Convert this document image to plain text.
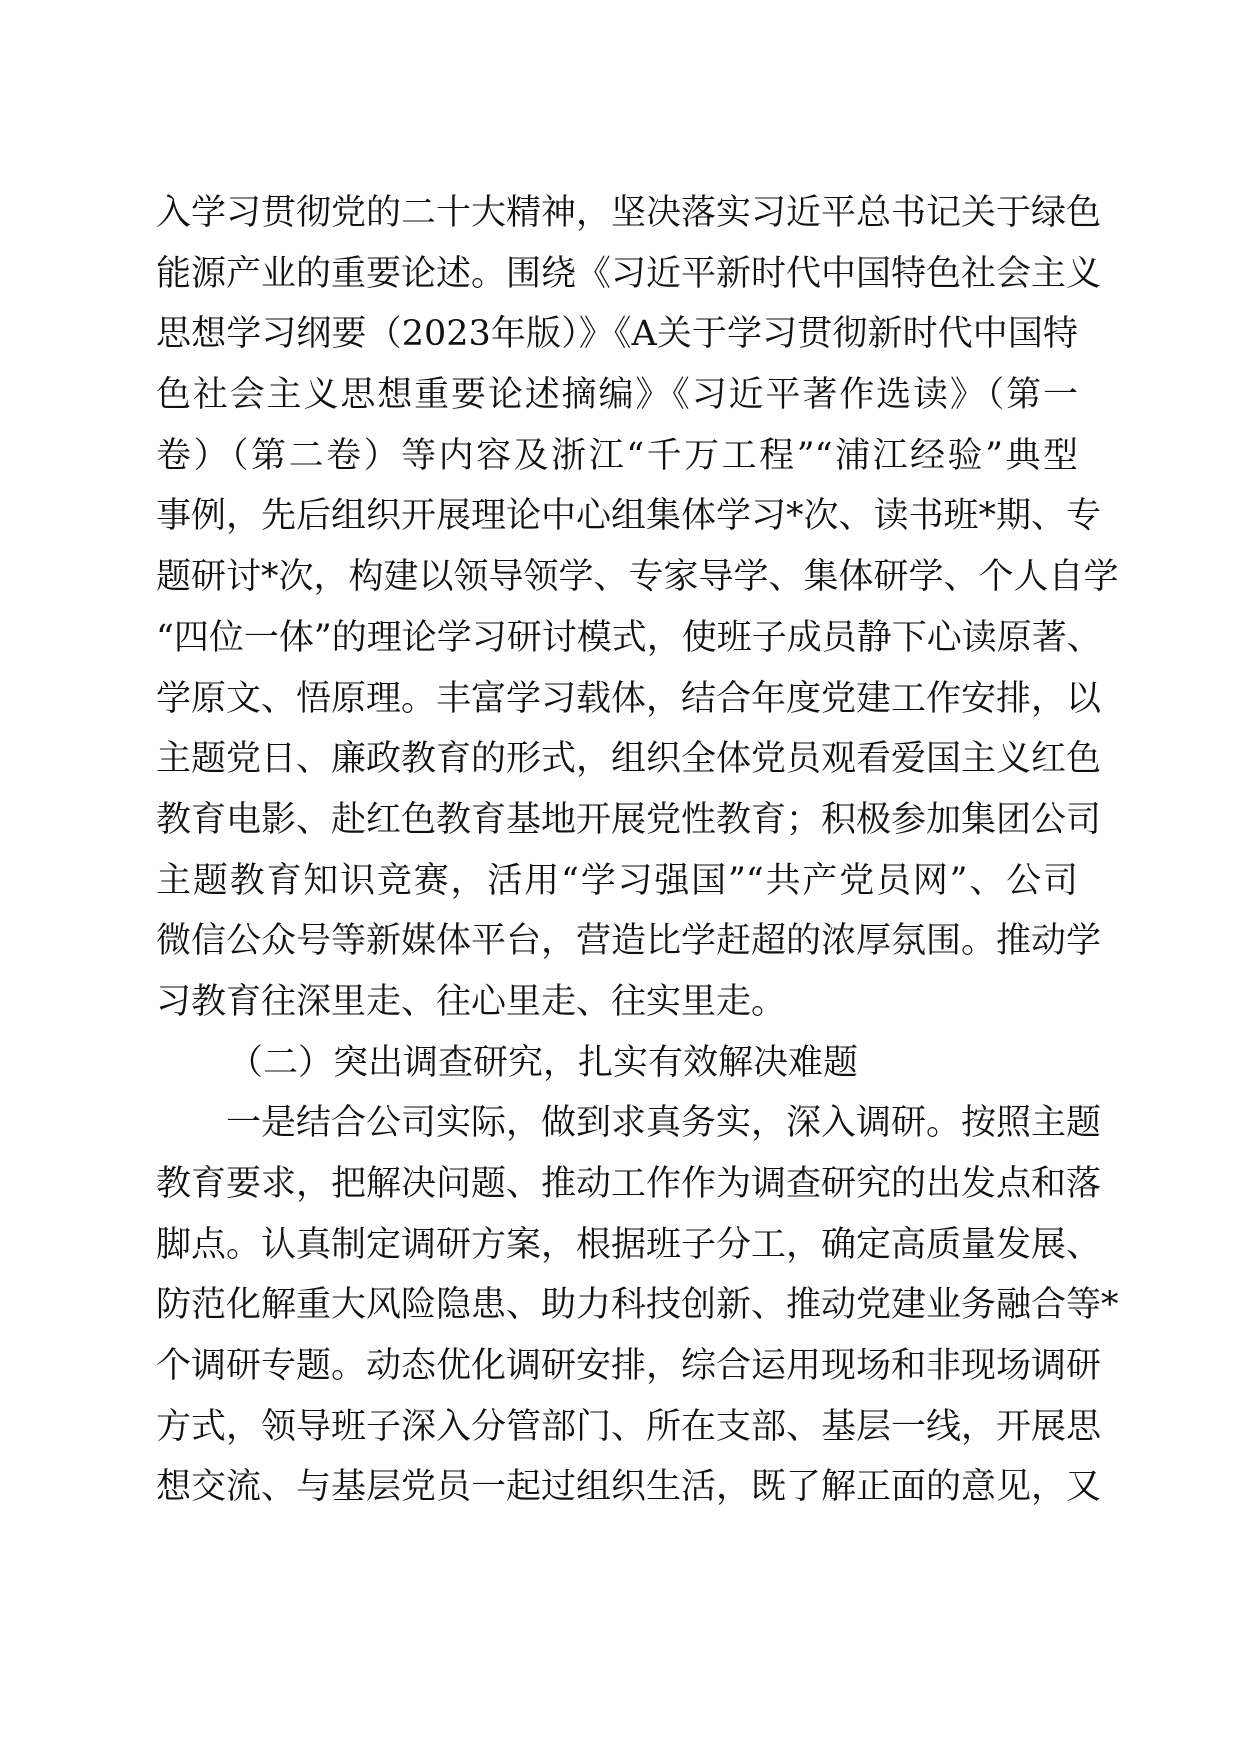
入学习贯彻党的二十大精神，坚决落实习近平总书记关于绿色
能源产业的重要论述。围绕《习近平新时代中国特色社会主义
思想学习纲要（2023年版）》《A关于学习贯彻新时代中国特
色社会主义思想重要论述摘编》《习近平著作选读》（第一
卷）（第二卷）等内容及浙江“千万工程”“浦江经验”典型
事例，先后组织开展理论中心组集体学习*次、读书班*期、专
题研讨*次，构建以领导领学、专家导学、集体研学、个人自学
“四位一体”的理论学习研讨模式，使班子成员静下心读原著、
学原文、悟原理。丰富学习载体，结合年度党建工作安排，以
主题党日、廉政教育的形式，组织全体党员观看爱国主义红色
教育电影、赴红色教育基地开展党性教育；积极参加集团公司
主题教育知识竞赛，活用“学习强国”“共产党员网”、公司
微信公众号等新媒体平台，营造比学赶超的浓厚氛围。推动学
习教育往深里走、往心里走、往实里走。
（二）突出调查研究，扎实有效解决难题
一是结合公司实际，做到求真务实，深入调研。按照主题
教育要求，把解决问题、推动工作作为调查研究的出发点和落
脚点。认真制定调研方案，根据班子分工，确定高质量发展、
防范化解重大风险隐患、助力科技创新、推动党建业务融合等*
个调研专题。动态优化调研安排，综合运用现场和非现场调研
方式，领导班子深入分管部门、所在支部、基层一线，开展思
想交流、与基层党员一起过组织生活，既了解正面的意见，又
